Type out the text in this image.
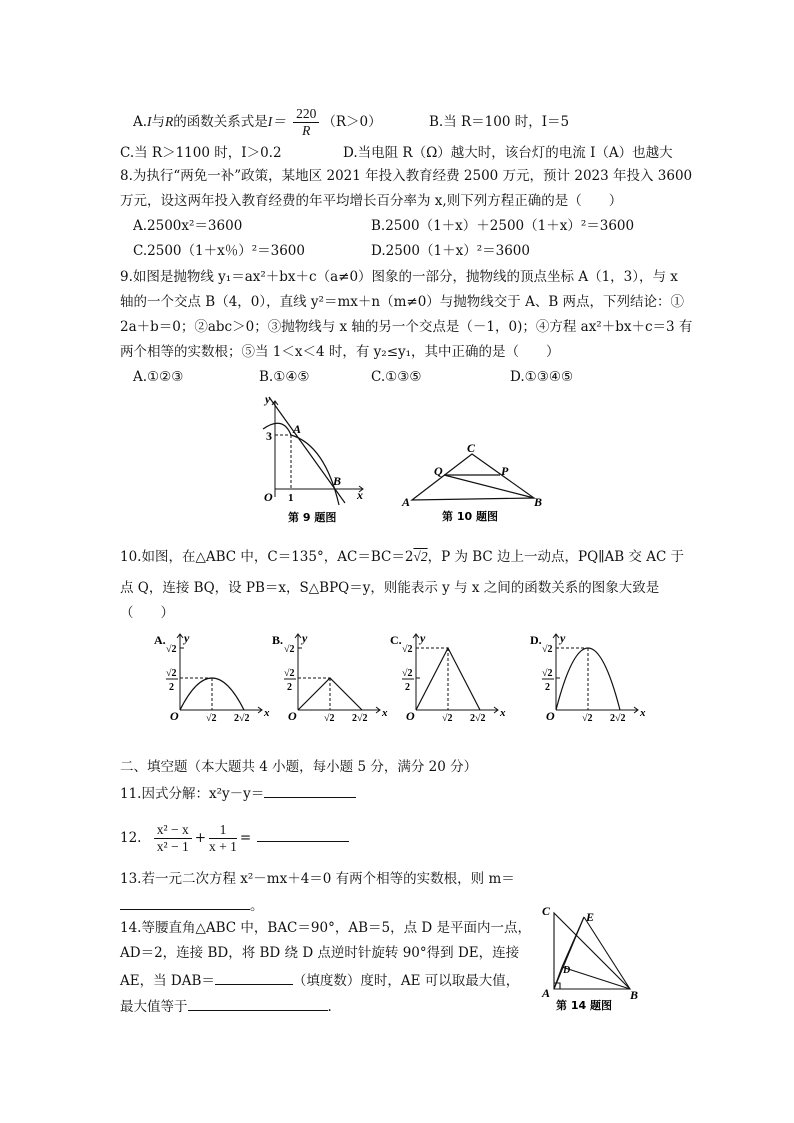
A.I与R的函数关系式是$I= \frac{220}{R} (R>0)$	B.当 R＝100 时，I＝5
C.当 R＞1100 时，I＞0.2	D.当电阻 R（Ω）越大时，该台灯的电流 I（A）也越大
8.为执行“两免一补”政策，某地区 2021 年投入教育经费 2500 万元，预计 2023 年投入 3600
万元，设这两年投入教育经费的年平均增长百分率为 x,则下列方程正确的是（　　）
A.2500x²＝3600	B.2500（1＋x）＋2500（1＋x）²＝3600
C.2500（1＋x％）²＝3600	D.2500（1＋x）²＝3600
9.如图是抛物线 y₁＝ax²＋bx＋c（a≠0）图象的一部分，抛物线的顶点坐标 A（1，3），与 x
轴的一个交点 B（4，0），直线 y²＝mx＋n（m≠0）与抛物线交于 A、B 两点，下列结论：①
2a＋b＝0；②abc＞0；③抛物线与 x 轴的另一个交点是（－1，0)；④方程 ax²＋bx＋c＝3 有
两个相等的实数根；⑤当 1＜x＜4 时，有 y₂≤y₁，其中正确的是（　　）
A.①②③	B.①④⑤	C.①③⑤	D.①③④⑤
y
x
O 1
3 A
B
第 9 题图
A	B
C
P
Q
第 10 题图
10.如图，在△ABC 中，C＝135°，AC＝BC＝2√2，P 为 BC 边上一动点，PQ∥AB 交 AC 于
点 Q，连接 BQ，设 PB＝x，S△BPQ＝y，则能表示 y 与 x 之间的函数关系的图象大致是
（　　）
A. y
x
O
√2
√2
2
√2 2√2
B. y
x
O
√2
√2
2
√2 2√2
C. y
x
O
√2
√2
2
√2 2√2
D. y
x
O
√2
√2
2
√2 2√2
二、填空题（本大题共 4 小题，每小题 5 分，满分 20 分）
11.因式分解：x²y－y＝
12. $\frac{\text{x² − x}}{\text{x² − 1}} + \frac{1}{x + 1}$ =
13.若一元二次方程 x²－mx＋4＝0 有两个相等的实数根，则 m＝
。
14.等腰直角△ABC 中，BAC＝90°，AB＝5，点 D 是平面内一点，
AD＝2，连接 BD，将 BD 绕 D 点逆时针旋转 90°得到 DE，连接
AE，当 DAB＝	（填度数）度时，AE 可以取最大值，
最大值等于	.
C	E
D
A	B
第 14 题图
